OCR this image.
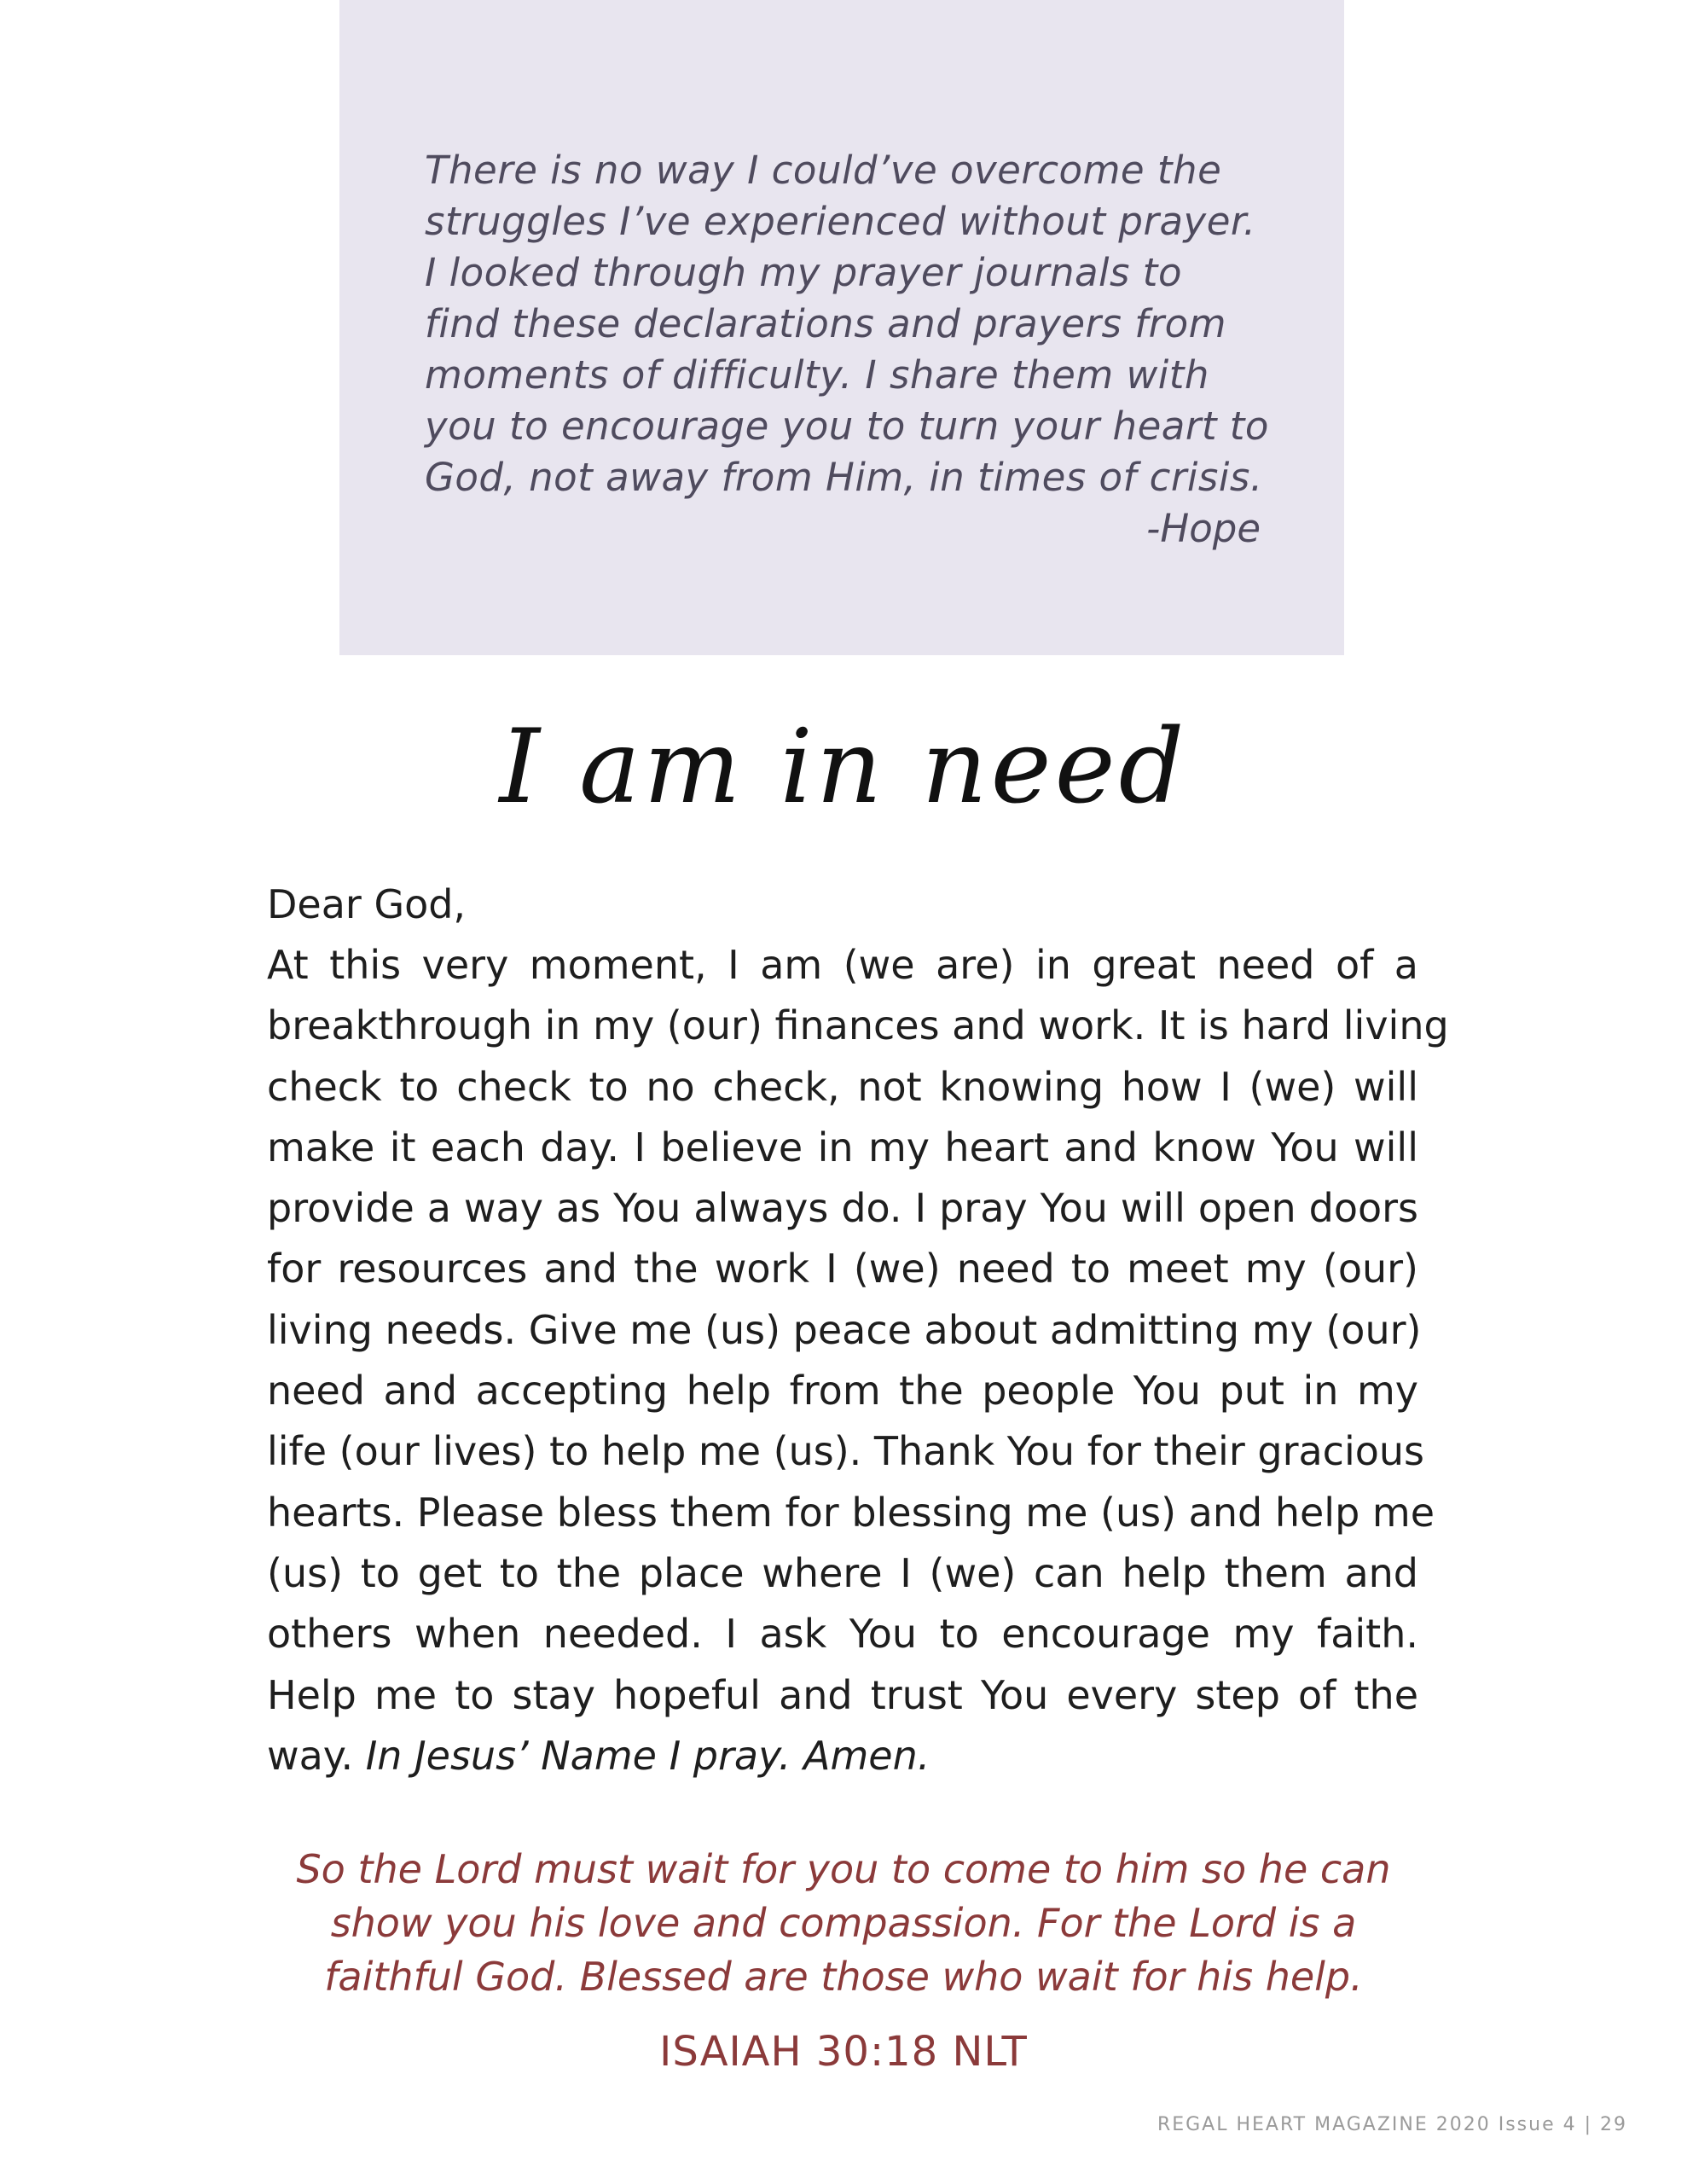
There is no way I could’ve overcome the
struggles I’ve experienced without prayer.
I looked through my prayer journals to
find these declarations and prayers from
moments of difficulty. I share them with
you to encourage you to turn your heart to
God, not away from Him, in times of crisis.
-Hope
I am in need
Dear God,
At this very moment, I am (we are) in great need of a
breakthrough in my (our) finances and work. It is hard living
check to check to no check, not knowing how I (we) will
make it each day. I believe in my heart and know You will
provide a way as You always do. I pray You will open doors
for resources and the work I (we) need to meet my (our)
living needs. Give me (us) peace about admitting my (our)
need and accepting help from the people You put in my
life (our lives) to help me (us). Thank You for their gracious
hearts. Please bless them for blessing me (us) and help me
(us) to get to the place where I (we) can help them and
others when needed. I ask You to encourage my faith.
Help me to stay hopeful and trust You every step of the
way. In Jesus’ Name I pray. Amen.
So the Lord must wait for you to come to him so he can
show you his love and compassion. For the Lord is a
faithful God. Blessed are those who wait for his help.
ISAIAH 30:18 NLT
REGAL HEART MAGAZINE 2020 Issue 4 | 29
